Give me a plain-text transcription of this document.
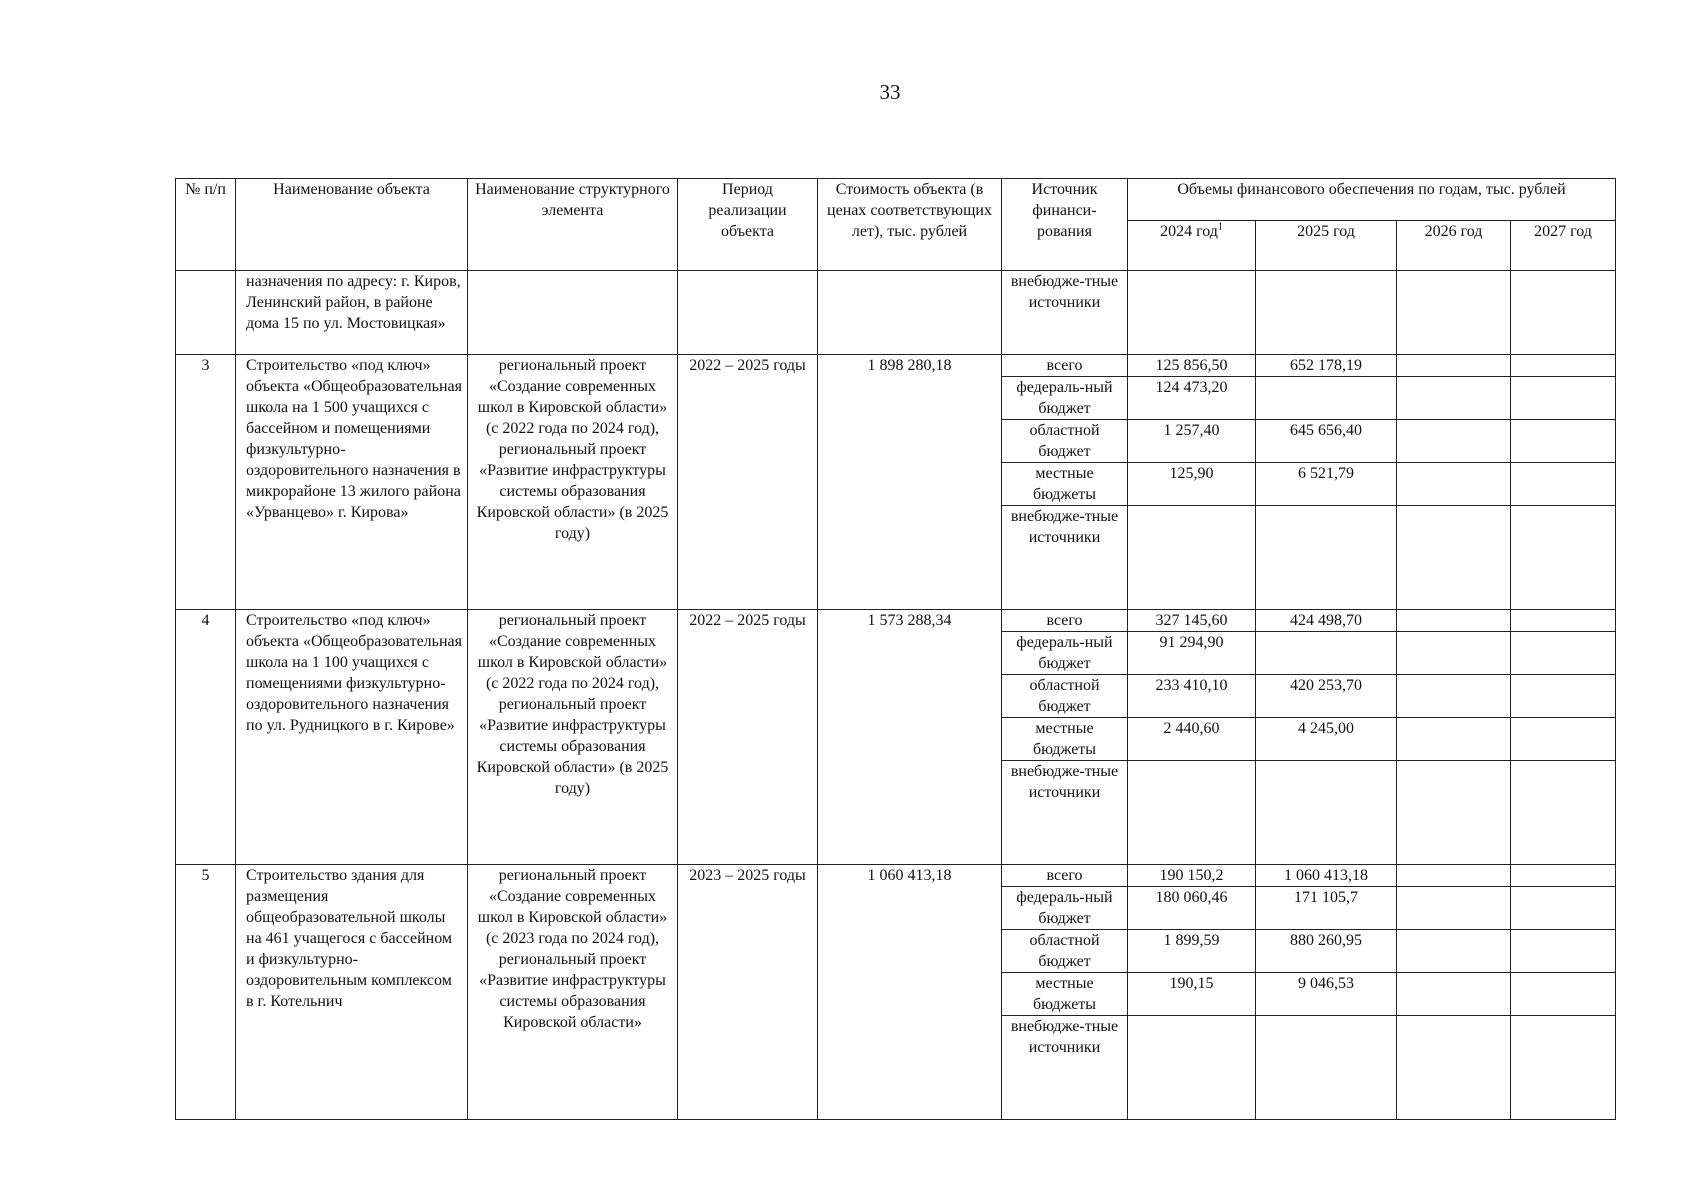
33
№ п/п	Наименование объекта	Наименование структурного элемента	Период реализации объекта	Стоимость объекта (в ценах соответствующих лет), тыс. рублей	Источник финанси-рования	Объемы финансового обеспечения по годам, тыс. рублей			
						2024 год$^1$	2025 год	2026 год	2027 год
	назначения по адресу: г. Киров, Ленинский район, в районе дома 15 по ул. Мостовицкая»				внебюдже-тные источники				
3	Строительство «под ключ» объекта «Общеобразовательная школа на 1 500 учащихся с бассейном и помещениями физкультурно-оздоровительного назначения в микрорайоне 13 жилого района «Урванцево» г. Кирова»	региональный проект «Создание современных школ в Кировской области» (с 2022 года по 2024 год), региональный проект «Развитие инфраструктуры системы образования Кировской области» (в 2025 году)	2022 – 2025 годы	1 898 280,18	всего	125 856,50	652 178,19		
					федераль-ный бюджет	124 473,20			
					областной бюджет	1 257,40	645 656,40		
					местные бюджеты	125,90	6 521,79		
					внебюдже-тные источники				
4	Строительство «под ключ» объекта «Общеобразовательная школа на 1 100 учащихся с помещениями физкультурно-оздоровительного назначения по ул. Рудницкого в г. Кирове»	региональный проект «Создание современных школ в Кировской области» (с 2022 года по 2024 год), региональный проект «Развитие инфраструктуры системы образования Кировской области» (в 2025 году)	2022 – 2025 годы	1 573 288,34	всего	327 145,60	424 498,70		
					федераль-ный бюджет	91 294,90			
					областной бюджет	233 410,10	420 253,70		
					местные бюджеты	2 440,60	4 245,00		
					внебюдже-тные источники				
5	Строительство здания для размещения общеобразовательной школы на 461 учащегося с бассейном и физкультурно-оздоровительным комплексом в г. Котельнич	региональный проект «Создание современных школ в Кировской области» (с 2023 года по 2024 год), региональный проект «Развитие инфраструктуры системы образования Кировской области»	2023 – 2025 годы	1 060 413,18	всего	190 150,2	1 060 413,18		
					федераль-ный бюджет	180 060,46	171 105,7		
					областной бюджет	1 899,59	880 260,95		
					местные бюджеты	190,15	9 046,53		
					внебюдже-тные источники				
